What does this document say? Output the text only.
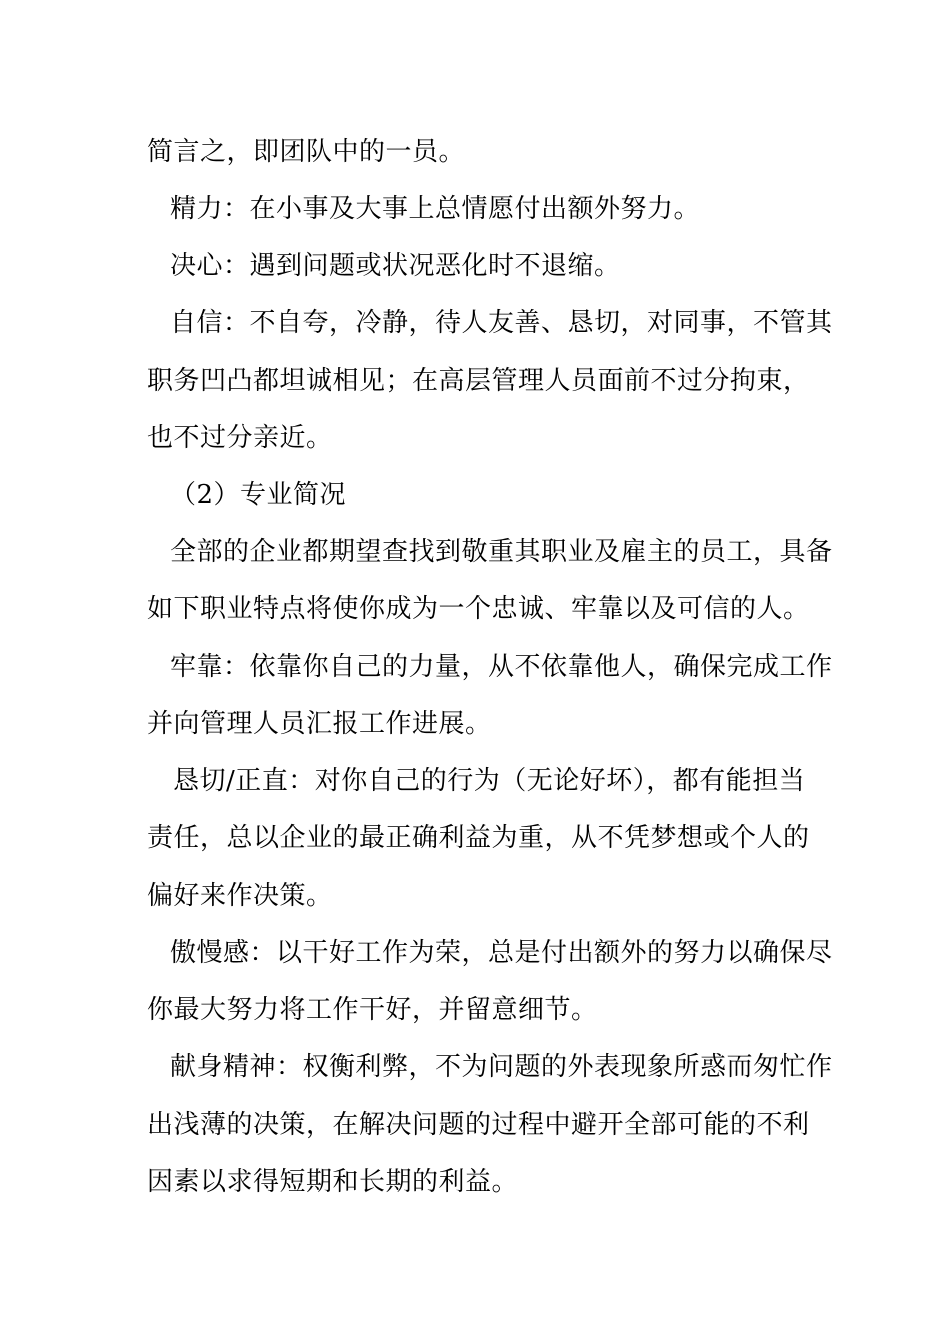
简言之，即团队中的一员。
精力：在小事及大事上总情愿付出额外努力。
决心：遇到问题或状况恶化时不退缩。
自信：不自夸，冷静，待人友善、恳切，对同事，不管其
职务凹凸都坦诚相见；在高层管理人员面前不过分拘束，
也不过分亲近。
（2）专业简况
全部的企业都期望查找到敬重其职业及雇主的员工，具备
如下职业特点将使你成为一个忠诚、牢靠以及可信的人。
牢靠：依靠你自己的力量，从不依靠他人，确保完成工作
并向管理人员汇报工作进展。
恳切/正直：对你自己的行为（无论好坏），都有能担当
责任，总以企业的最正确利益为重，从不凭梦想或个人的
偏好来作决策。
傲慢感：以干好工作为荣，总是付出额外的努力以确保尽
你最大努力将工作干好，并留意细节。
献身精神：权衡利弊，不为问题的外表现象所惑而匆忙作
出浅薄的决策，在解决问题的过程中避开全部可能的不利
因素以求得短期和长期的利益。
